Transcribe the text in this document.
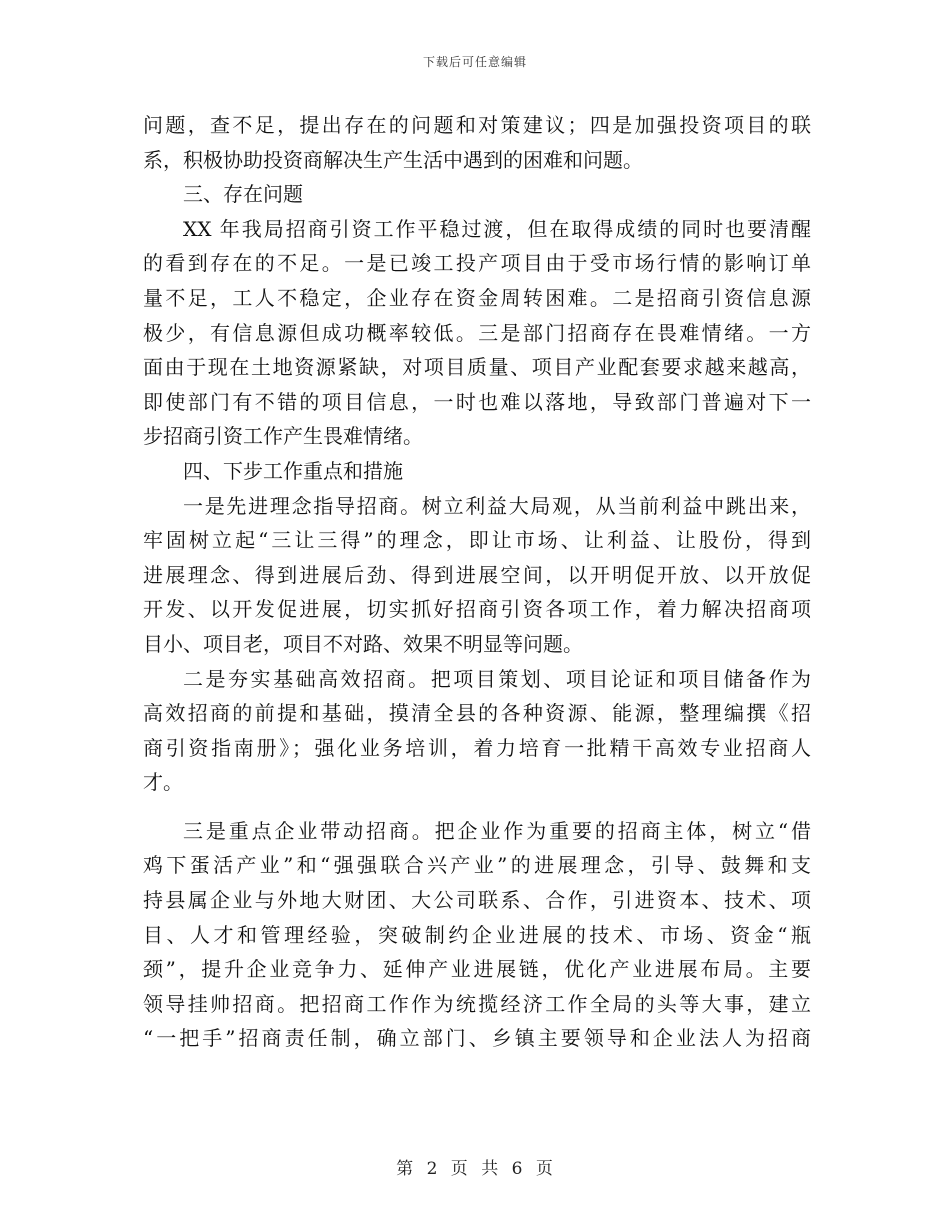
下载后可任意编辑
问题，查不足，提出存在的问题和对策建议；四是加强投资项目的联
系，积极协助投资商解决生产生活中遇到的困难和问题。
三、存在问题
XX 年我局招商引资工作平稳过渡，但在取得成绩的同时也要清醒
的看到存在的不足。一是已竣工投产项目由于受市场行情的影响订单
量不足，工人不稳定，企业存在资金周转困难。二是招商引资信息源
极少，有信息源但成功概率较低。三是部门招商存在畏难情绪。一方
面由于现在土地资源紧缺，对项目质量、项目产业配套要求越来越高，
即使部门有不错的项目信息，一时也难以落地，导致部门普遍对下一
步招商引资工作产生畏难情绪。
四、下步工作重点和措施
一是先进理念指导招商。树立利益大局观，从当前利益中跳出来，
牢固树立起“三让三得”的理念，即让市场、让利益、让股份，得到
进展理念、得到进展后劲、得到进展空间，以开明促开放、以开放促
开发、以开发促进展，切实抓好招商引资各项工作，着力解决招商项
目小、项目老，项目不对路、效果不明显等问题。
二是夯实基础高效招商。把项目策划、项目论证和项目储备作为
高效招商的前提和基础，摸清全县的各种资源、能源，整理编撰《招
商引资指南册》；强化业务培训，着力培育一批精干高效专业招商人
才。
三是重点企业带动招商。把企业作为重要的招商主体，树立“借
鸡下蛋活产业”和“强强联合兴产业”的进展理念，引导、鼓舞和支
持县属企业与外地大财团、大公司联系、合作，引进资本、技术、项
目、人才和管理经验，突破制约企业进展的技术、市场、资金“瓶
颈”，提升企业竞争力、延伸产业进展链，优化产业进展布局。主要
领导挂帅招商。把招商工作作为统揽经济工作全局的头等大事，建立
“一把手”招商责任制，确立部门、乡镇主要领导和企业法人为招商
第 2 页 共 6 页
